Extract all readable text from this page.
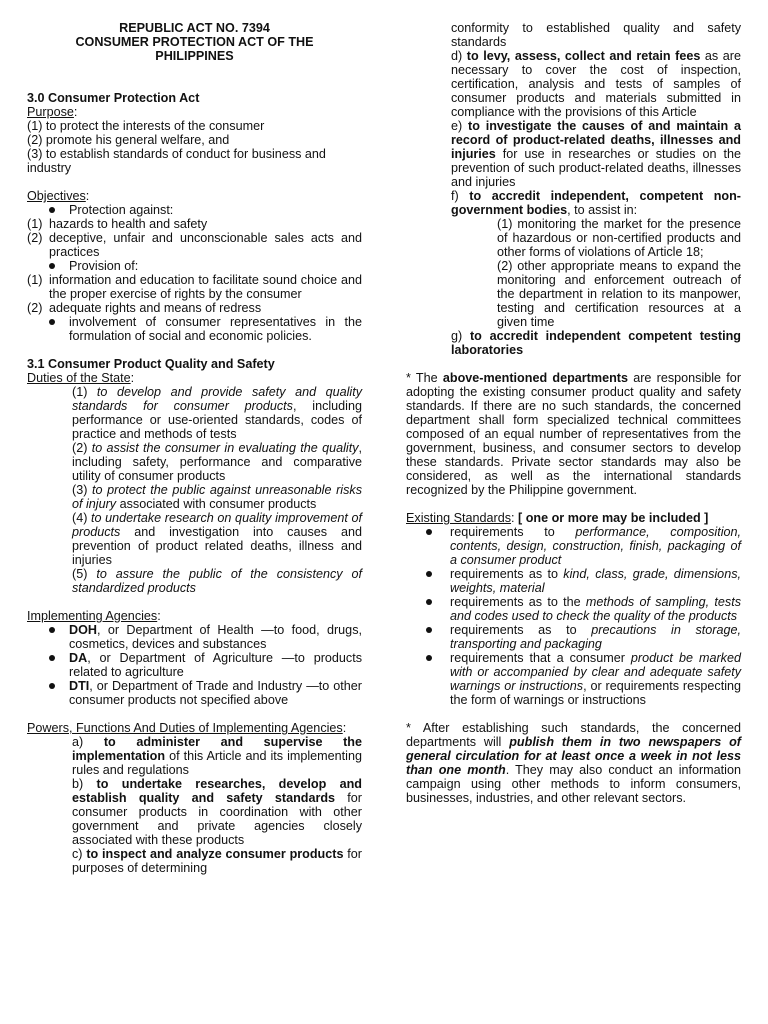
REPUBLIC ACT NO. 7394

CONSUMER PROTECTION ACT OF THE

PHILIPPINES

3.0 Consumer Protection Act

Purpose:

(1) to protect the interests of the consumer

(2) promote his general welfare, and

(3) to establish standards of conduct for business and industry

Objectives:

Protection against:
(1) hazards to health and safety
(2) deceptive, unfair and unconscionable sales acts and practices
Provision of:
(1) information and education to facilitate sound choice and the proper exercise of rights by the consumer
(2) adequate rights and means of redress
involvement of consumer representatives in the formulation of social and economic policies.

3.1 Consumer Product Quality and Safety

Duties of the State:

(1) to develop and provide safety and quality standards for consumer products, including performance or use-oriented standards, codes of practice and methods of tests

(2) to assist the consumer in evaluating the quality, including safety, performance and comparative utility of consumer products

(3) to protect the public against unreasonable risks of injury associated with consumer products

(4) to undertake research on quality improvement of products and investigation into causes and prevention of product related deaths, illness and injuries

(5) to assure the public of the consistency of standardized products

Implementing Agencies:

DOH, or Department of Health —to food, drugs, cosmetics, devices and substances
DA, or Department of Agriculture —to products related to agriculture
DTI, or Department of Trade and Industry —to other consumer products not specified above

Powers, Functions And Duties of Implementing Agencies:

a) to administer and supervise the implementation of this Article and its implementing rules and regulations

b) to undertake researches, develop and establish quality and safety standards for consumer products in coordination with other government and private agencies closely associated with these products

c) to inspect and analyze consumer products for purposes of determining

conformity to established quality and safety standards

d) to levy, assess, collect and retain fees as are necessary to cover the cost of inspection, certification, analysis and tests of samples of consumer products and materials submitted in compliance with the provisions of this Article

e) to investigate the causes of and maintain a record of product-related deaths, illnesses and injuries for use in researches or studies on the prevention of such product-related deaths, illnesses and injuries

f) to accredit independent, competent non-government bodies, to assist in:

(1) monitoring the market for the presence of hazardous or non-certified products and other forms of violations of Article 18;

(2) other appropriate means to expand the monitoring and enforcement outreach of the department in relation to its manpower, testing and certification resources at a given time

g) to accredit independent competent testing laboratories

* The above-mentioned departments are responsible for adopting the existing consumer product quality and safety standards. If there are no such standards, the concerned department shall form specialized technical committees composed of an equal number of representatives from the government, business, and consumer sectors to develop these standards. Private sector standards may also be considered, as well as the international standards recognized by the Philippine government.

Existing Standards: [ one or more may be included ]

requirements to performance, composition, contents, design, construction, finish, packaging of a consumer product
requirements as to kind, class, grade, dimensions, weights, material
requirements as to the methods of sampling, tests and codes used to check the quality of the products
requirements as to precautions in storage, transporting and packaging
requirements that a consumer product be marked with or accompanied by clear and adequate safety warnings or instructions, or requirements respecting the form of warnings or instructions

* After establishing such standards, the concerned departments will publish them in two newspapers of general circulation for at least once a week in not less than one month. They may also conduct an information campaign using other methods to inform consumers, businesses, industries, and other relevant sectors.
